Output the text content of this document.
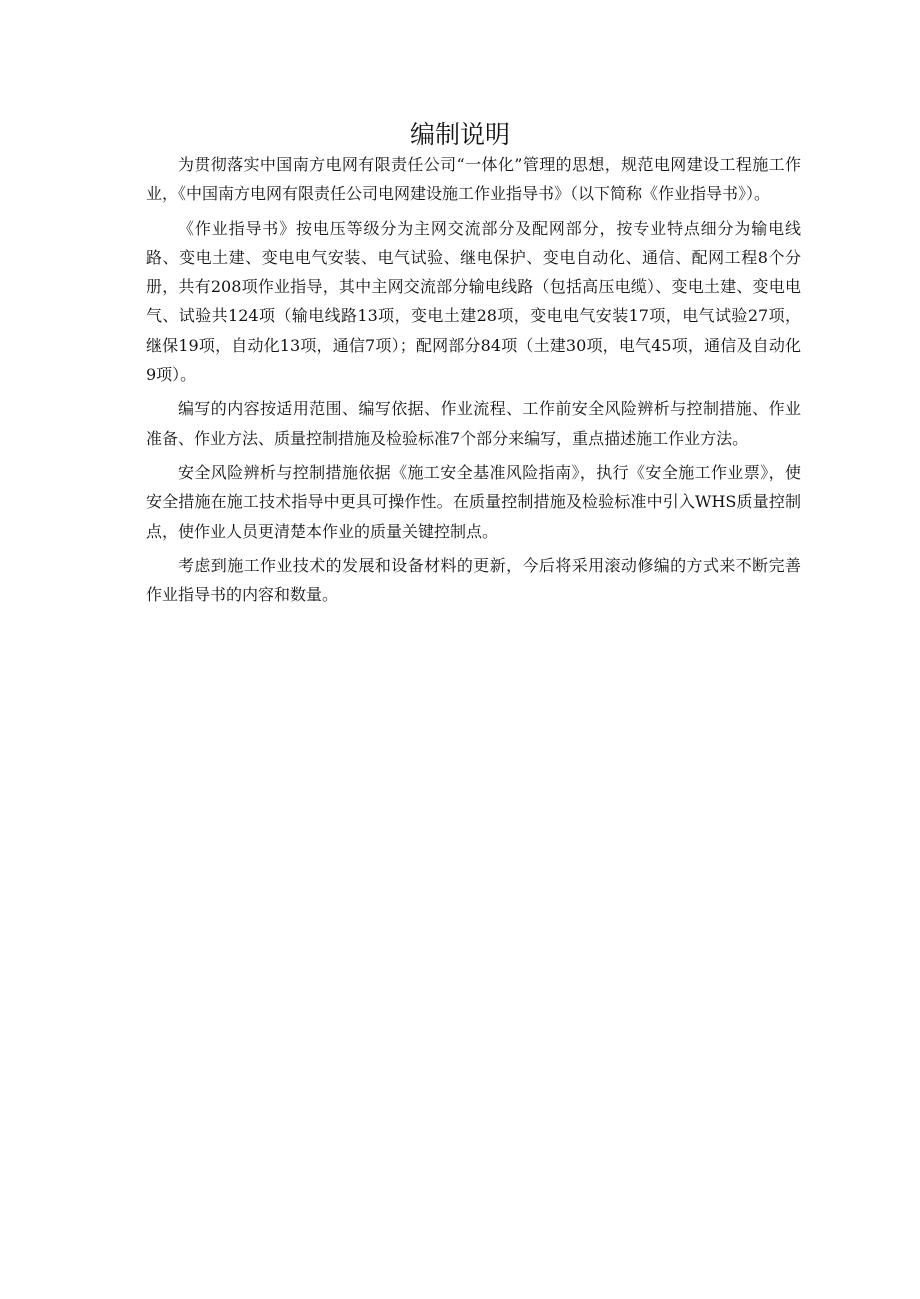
编制说明

为贯彻落实中国南方电网有限责任公司“一体化”管理的思想，规范电网建设工程施工作业，《中国南方电网有限责任公司电网建设施工作业指导书》（以下简称《作业指导书》）。

《作业指导书》按电压等级分为主网交流部分及配网部分，按专业特点细分为输电线路、变电土建、变电电气安装、电气试验、继电保护、变电自动化、通信、配网工程8个分册，共有208项作业指导，其中主网交流部分输电线路（包括高压电缆）、变电土建、变电电气、试验共124项（输电线路13项，变电土建28项，变电电气安装17项，电气试验27项，继保19项，自动化13项，通信7项）；配网部分84项（土建30项，电气45项，通信及自动化9项）。

编写的内容按适用范围、编写依据、作业流程、工作前安全风险辨析与控制措施、作业准备、作业方法、质量控制措施及检验标准7个部分来编写，重点描述施工作业方法。

安全风险辨析与控制措施依据《施工安全基准风险指南》，执行《安全施工作业票》，使安全措施在施工技术指导中更具可操作性。在质量控制措施及检验标准中引入WHS质量控制点，使作业人员更清楚本作业的质量关键控制点。

考虑到施工作业技术的发展和设备材料的更新，今后将采用滚动修编的方式来不断完善作业指导书的内容和数量。
